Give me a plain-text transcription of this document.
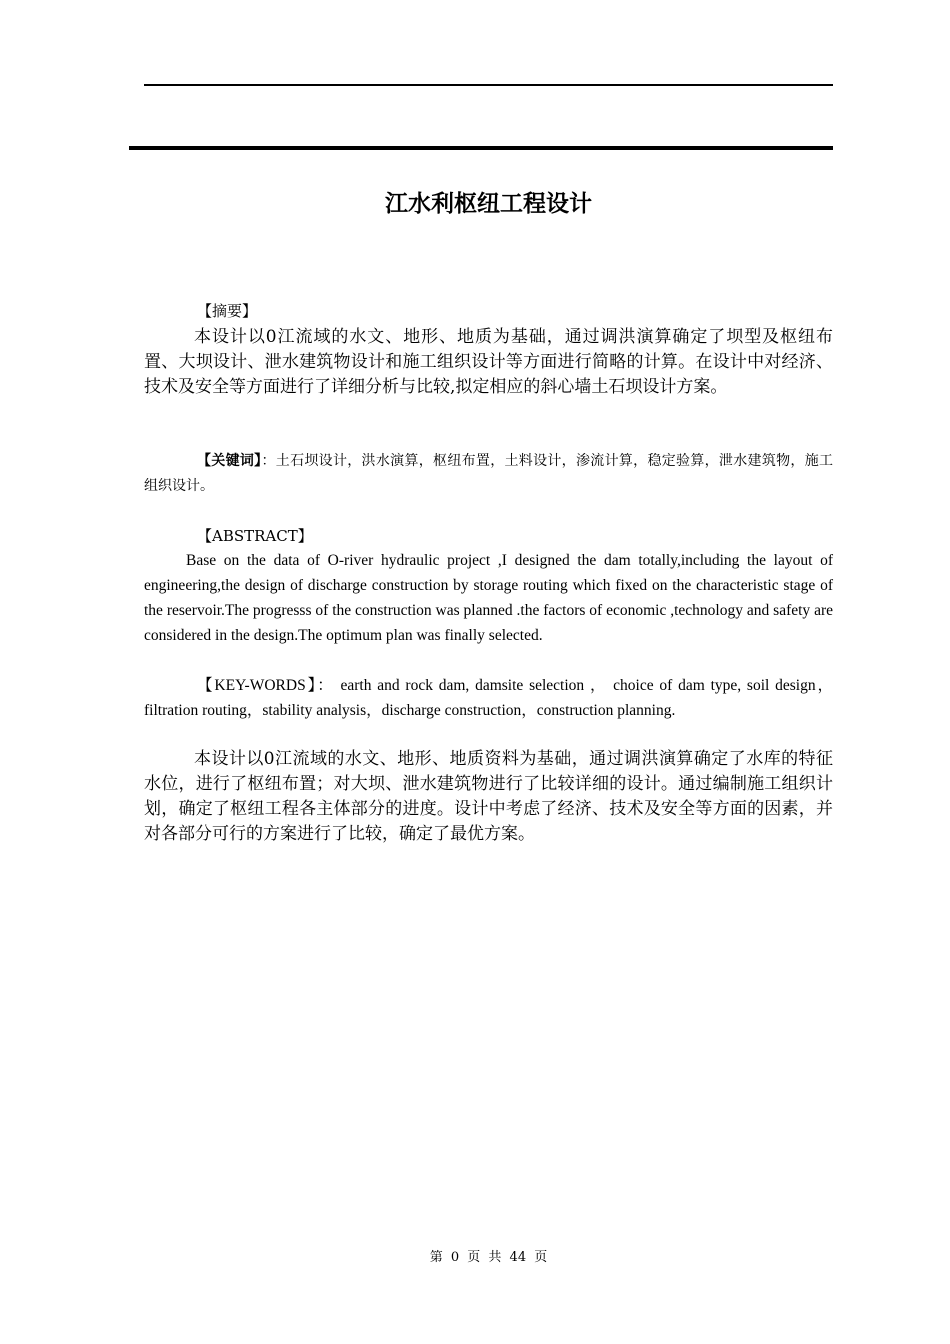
江水利枢纽工程设计
【摘要】
本设计以0江流域的水文、地形、地质为基础，通过调洪演算确定了坝型及枢纽布置、大坝设计、泄水建筑物设计和施工组织设计等方面进行简略的计算。在设计中对经济、技术及安全等方面进行了详细分析与比较,拟定相应的斜心墙土石坝设计方案。
【关键词】：土石坝设计，洪水演算，枢纽布置，土料设计，渗流计算，稳定验算，泄水建筑物，施工组织设计。
【ABSTRACT】
Base on the data of O-river hydraulic project ,I designed the dam totally,including the layout of engineering,the design of discharge construction by storage routing which fixed on the characteristic stage of the reservoir.The progresss of the construction was planned .the factors of economic ,technology and safety are considered in the design.The optimum plan was finally selected.
【KEY-WORDS】： earth and rock dam, damsite selection ， choice of dam type, soil design， filtration routing，stability analysis，discharge construction，construction planning.
本设计以0江流域的水文、地形、地质资料为基础，通过调洪演算确定了水库的特征水位，进行了枢纽布置；对大坝、泄水建筑物进行了比较详细的设计。通过编制施工组织计划，确定了枢纽工程各主体部分的进度。设计中考虑了经济、技术及安全等方面的因素，并对各部分可行的方案进行了比较，确定了最优方案。
第 0 页 共 44 页
